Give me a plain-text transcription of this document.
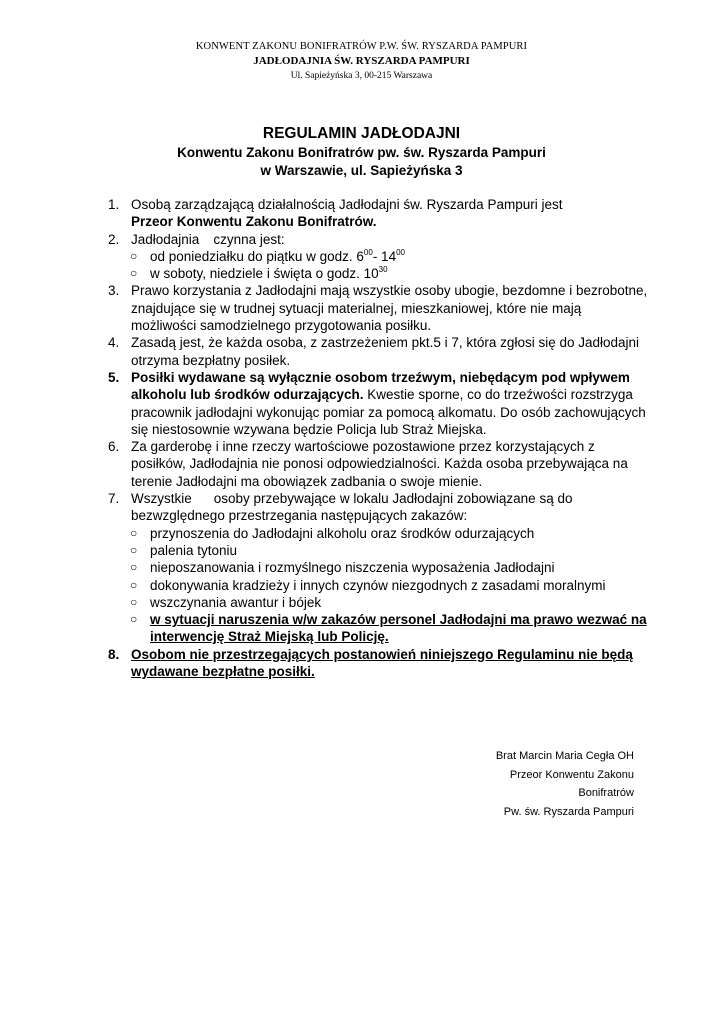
KONWENT ZAKONU BONIFRATRÓW P.W. ŚW. RYSZARDA PAMPURI
JADŁODAJNIA ŚW. RYSZARDA PAMPURI
Ul. Sapieżyńska 3, 00-215 Warszawa
REGULAMIN JADŁODAJNI
Konwentu Zakonu Bonifratrów pw. św. Ryszarda Pampuri
w Warszawie, ul. Sapieżyńska 3
1. Osobą zarządzającą działalnością Jadłodajni św. Ryszarda Pampuri jest
Przeor Konwentu Zakonu Bonifratrów.
2. Jadłodajnia czynna jest:
○ od poniedziałku do piątku w godz. $6^{00}-$ $14^{00}$
○ w soboty, niedziele i święta o godz. $10^{30}$
3. Prawo korzystania z Jadłodajni mają wszystkie osoby ubogie, bezdomne i bezrobotne, znajdujące się w trudnej sytuacji materialnej, mieszkaniowej, które nie mają możliwości samodzielnego przygotowania posiłku.
4. Zasadą jest, że każda osoba, z zastrzeżeniem pkt.5 i 7, która zgłosi się do Jadłodajni otrzyma bezpłatny posiłek.
5. Posiłki wydawane są wyłącznie osobom trzeźwym, niebędącym pod wpływem alkoholu lub środków odurzających. Kwestie sporne, co do trzeźwości rozstrzyga pracownik jadłodajni wykonując pomiar za pomocą alkomatu. Do osób zachowujących się niestosownie wzywana będzie Policja lub Straż Miejska.
6. Za garderobę i inne rzeczy wartościowe pozostawione przez korzystających z posiłków, Jadłodajnia nie ponosi odpowiedzialności. Każda osoba przebywająca na terenie Jadłodajni ma obowiązek zadbania o swoje mienie.
7. Wszystkie osoby przebywające w lokalu Jadłodajni zobowiązane są do bezwzględnego przestrzegania następujących zakazów:
○ przynoszenia do Jadłodajni alkoholu oraz środków odurzających
○ palenia tytoniu
○ nieposzanowania i rozmyślnego niszczenia wyposażenia Jadłodajni
○ dokonywania kradzieży i innych czynów niezgodnych z zasadami moralnymi
○ wszczynania awantur i bójek
○ w sytuacji naruszenia w/w zakazów personel Jadłodajni ma prawo wezwać na interwencję Straż Miejską lub Policję.
8. Osobom nie przestrzegających postanowień niniejszego Regulaminu nie będą wydawane bezpłatne posiłki.
Brat Marcin Maria Cegła OH
Przeor Konwentu Zakonu
Bonifratrów
Pw. św. Ryszarda Pampuri
